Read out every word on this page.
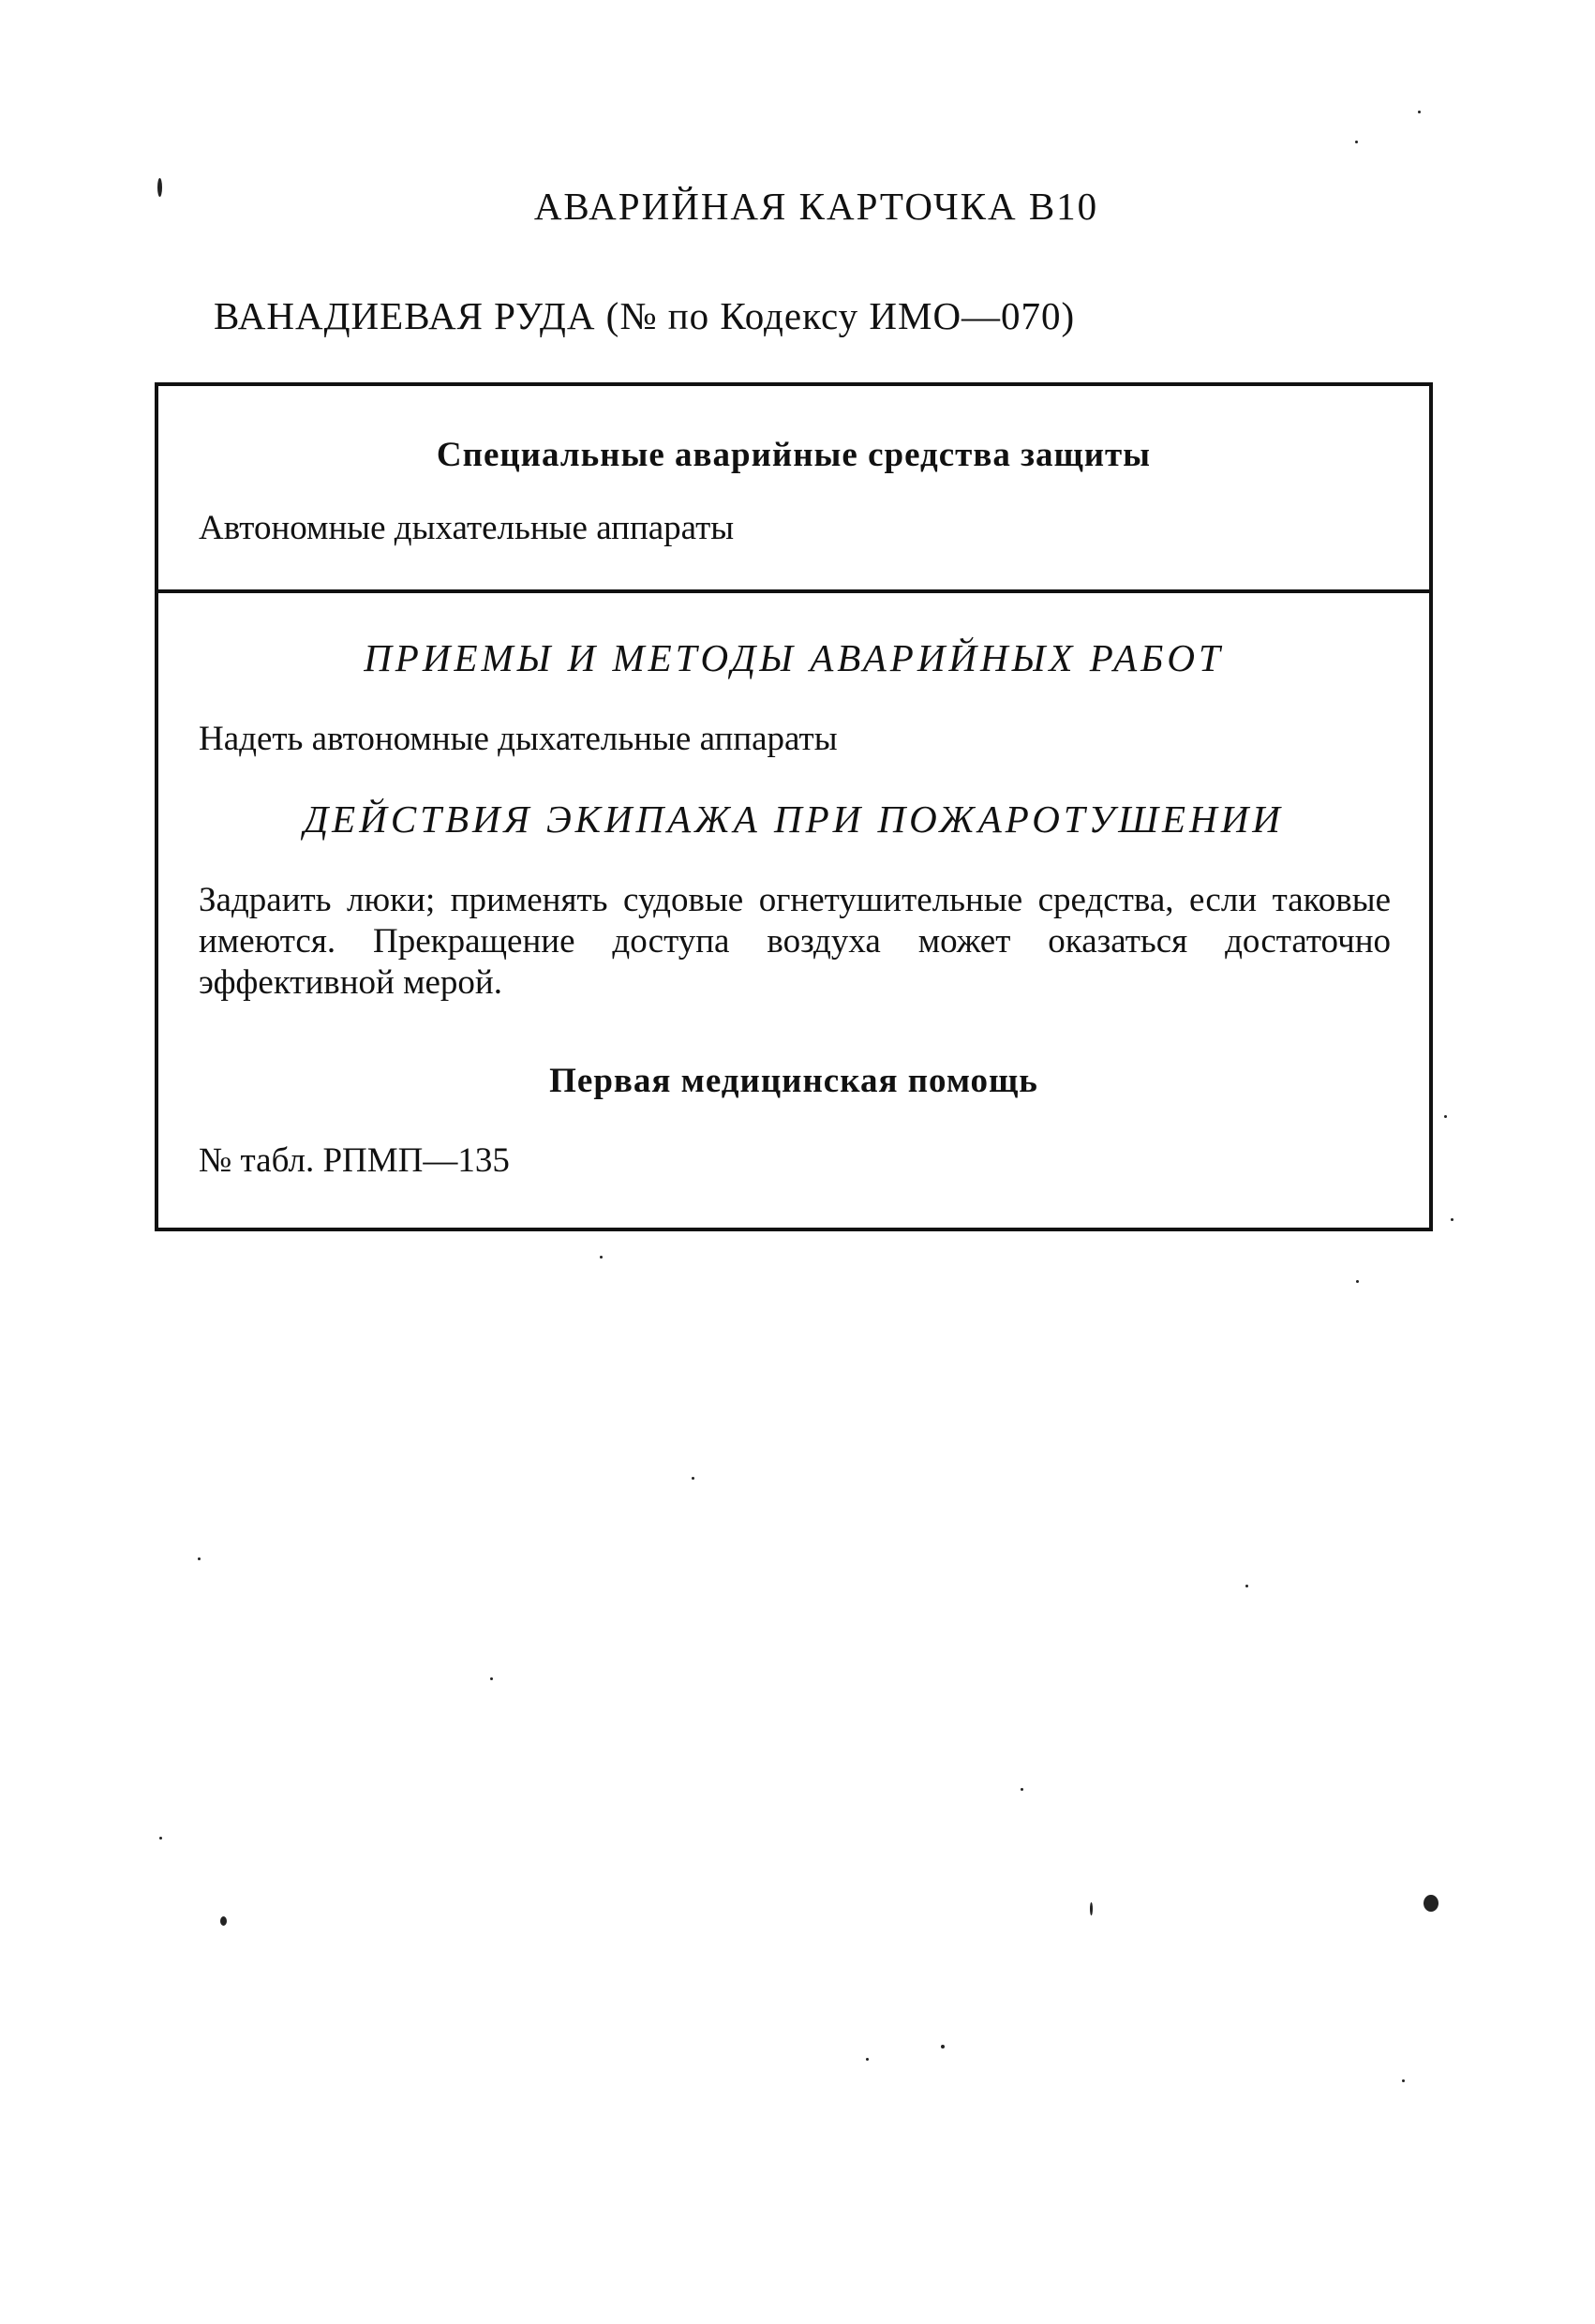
АВАРИЙНАЯ КАРТОЧКА В10
ВАНАДИЕВАЯ РУДА (№ по Кодексу ИМО—070)
Специальные аварийные средства защиты
Автономные дыхательные аппараты
ПРИЕМЫ И МЕТОДЫ АВАРИЙНЫХ РАБОТ
Надеть автономные дыхательные аппараты
ДЕЙСТВИЯ ЭКИПАЖА ПРИ ПОЖАРОТУШЕНИИ
Задраить люки; применять судовые огнетушительные средства, если таковые имеются. Прекращение доступа воздуха может оказаться достаточно эффективной мерой.
Первая медицинская помощь
№ табл. РПМП—135
